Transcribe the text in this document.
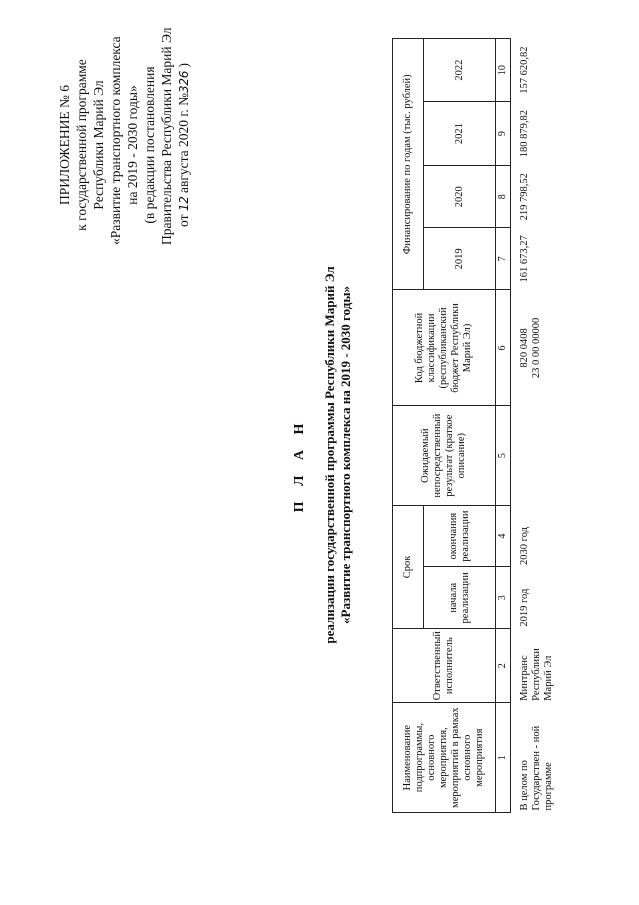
ПРИЛОЖЕНИЕ № 6 к государственной программе Республики Марий Эл «Развитие транспортного комплекса на 2019 - 2030 годы» (в редакции постановления Правительства Республики Марий Эл от 12 августа 2020 г. №326 )
П Л А Н реализации государственной программы Республики Марий Эл «Развитие транспортного комплекса на 2019 - 2030 годы»
Наименование подпрограммы, основного мероприятия, мероприятий в рамках основного мероприятия	Ответственный исполнитель	Срок		Ожидаемый непосредственный результат (краткое описание)	Код бюджетной классификации (республиканский бюджет Республики Марий Эл)	Финансирование по годам (тыс. рублей)			
		начала реализации	окончания реализации			2019	2020	2021	2022
1	2	3	4	5	6	7	8	9	10
В целом по Государствен - ной программе	Минтранс Республики Марий Эл	2019 год	2030 год		820 0408 23 0 00 00000	161 673,27	219 798,52	180 879,82	157 620,82
